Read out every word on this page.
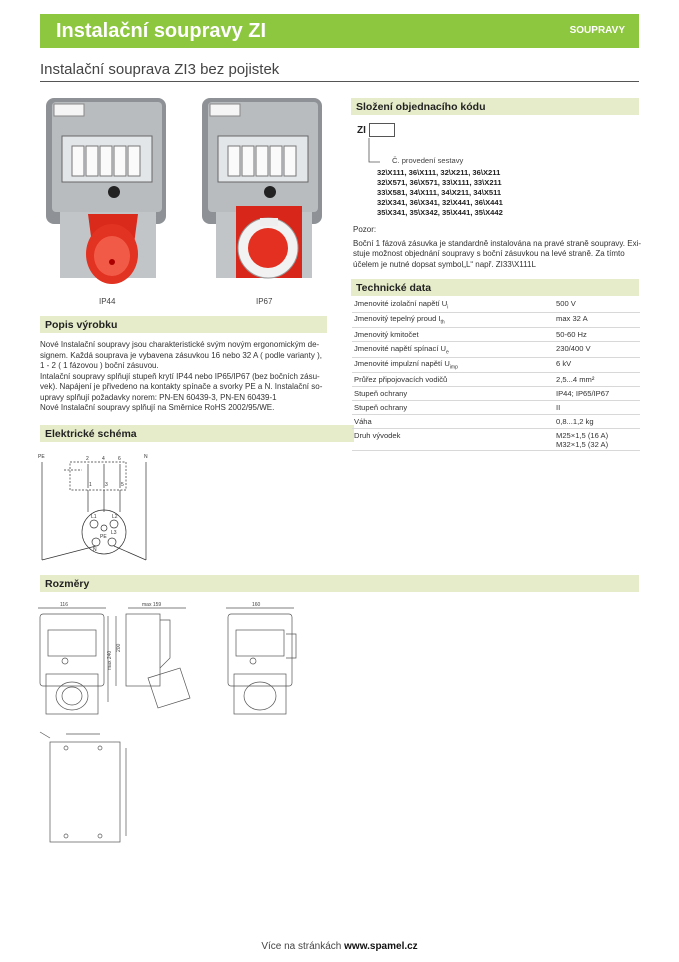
Instalační soupravy ZI	SOUPRAVY
Instalační souprava ZI3 bez pojistek
IP44	IP67
Popis výrobku
Nové Instalační soupravy jsou charakteristické svým novým ergonomickým de-
signem. Každá souprava je vybavena zásuvkou 16 nebo 32 A ( podle varianty ),
1 - 2 ( 1 fázovou ) boční zásuvou.
Intalační soupravy splňují stupeň krytí IP44 nebo IP65/IP67 (bez bočních zásu-
vek). Napájení je přivedeno na kontakty spínače a svorky PE a N. Instalační so-
upravy splňují požadavky norem: PN-EN 60439-3, PN-EN 60439-1
Nové Instalační soupravy splňují na Směrnice RoHS 2002/95/WE.
Elektrické schéma
PE	N
2	4	6
1	3	5
L1	L2
L3
PE
N
Rozměry
116	max 159	160
200
max 240
Složení objednacího kódu
ZI
Č. provedení sestavy
32\X111, 36\X111, 32\X211, 36\X211
32\X571, 36\X571, 33\X111, 33\X211
33\X581, 34\X111, 34\X211, 34\X511
32\X341, 36\X341, 32\X441, 36\X441
35\X341, 35\X342, 35\X441, 35\X442
Pozor:
Boční 1 fázová zásuvka je standardně instalována na pravé straně soupravy. Exi-
stuje možnost objednání soupravy s boční zásuvkou na levé straně. Za tímto
účelem je nutné dopsat symbol„L“ např. ZI33\X111L
Technické data
Jmenovité izolační napětí $U_i$	500 V
Jmenovitý tepelný proud $I_{th}$	max 32 A
Jmenovitý kmitočet	50-60 Hz
Jmenovité napětí spínací $U_e$	230/400 V
Jmenovité impulzní napětí $U_{imp}$	6 kV
Průřez připojovacích vodičů	2,5...4 mm²
Stupeň ochrany	IP44; IP65/IP67
Stupeň ochrany	II
Váha	0,8...1,2 kg
Druh vývodek	M25×1,5 (16 A)
M32×1,5 (32 A)
Více na stránkách www.spamel.cz
